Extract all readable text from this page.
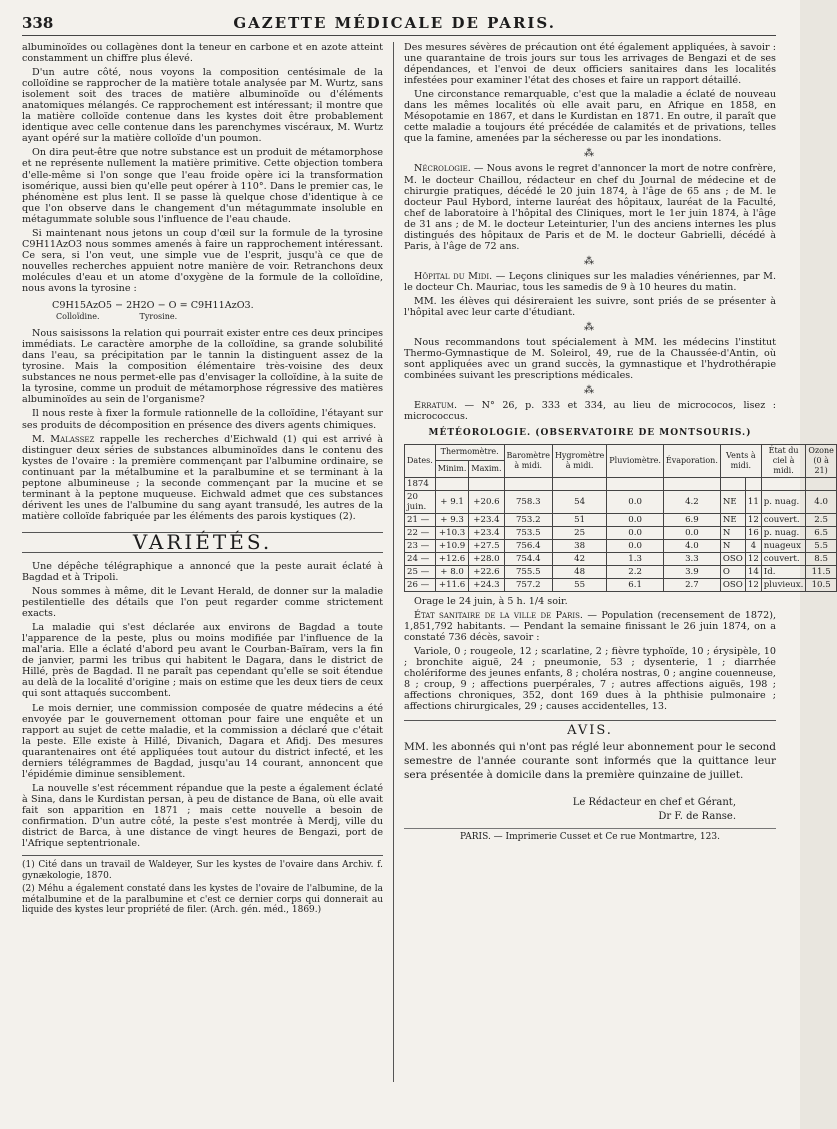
338	GAZETTE MÉDICALE DE PARIS.

albuminoïdes ou collagènes dont la teneur en carbone et en azote atteint constamment un chiffre plus élevé.

D'un autre côté, nous voyons la composition centésimale de la colloïdine se rapprocher de la matière totale analysée par M. Wurtz, sans isolement soit des traces de matière albuminoïde ou d'éléments anatomiques mélangés. Ce rapprochement est intéressant; il montre que la matière colloïde contenue dans les kystes doit être probablement identique avec celle contenue dans les parenchymes viscéraux, M. Wurtz ayant opéré sur la matière colloïde d'un poumon.

On dira peut-être que notre substance est un produit de métamorphose et ne représente nullement la matière primitive. Cette objection tombera d'elle-même si l'on songe que l'eau froide opère ici la transformation isomérique, aussi bien qu'elle peut opérer à 110°. Dans le premier cas, le phénomène est plus lent. Il se passe là quelque chose d'identique à ce que l'on observe dans le changement d'un métagummate insoluble en métagummate soluble sous l'influence de l'eau chaude.

Si maintenant nous jetons un coup d'œil sur la formule de la tyrosine C9H11AzO3 nous sommes amenés à faire un rapprochement intéressant. Ce sera, si l'on veut, une simple vue de l'esprit, jusqu'à ce que de nouvelles recherches appuient notre manière de voir. Retranchons deux molécules d'eau et un atome d'oxygène de la formule de la colloïdine, nous avons la tyrosine :

C9H15AzO5 − 2H2O − O = C9H11AzO3.
Colloïdine.	Tyrosine.

Nous saisissons la relation qui pourrait exister entre ces deux principes immédiats. Le caractère amorphe de la colloïdine, sa grande solubilité dans l'eau, sa précipitation par le tannin la distinguent assez de la tyrosine. Mais la composition élémentaire très-voisine des deux substances ne nous permet-elle pas d'envisager la colloïdine, à la suite de la tyrosine, comme un produit de métamorphose régressive des matières albuminoïdes au sein de l'organisme?

Il nous reste à fixer la formule rationnelle de la colloïdine, l'étayant sur ses produits de décomposition en présence des divers agents chimiques.

M. Malassez rappelle les recherches d'Eichwald (1) qui est arrivé à distinguer deux séries de substances albuminoïdes dans le contenu des kystes de l'ovaire : la première commençant par l'albumine ordinaire, se continuant par la métalbumine et la paralbumine et se terminant à la peptone albumineuse ; la seconde commençant par la mucine et se terminant à la peptone muqueuse. Eichwald admet que ces substances dérivent les unes de l'albumine du sang ayant transudé, les autres de la matière colloïde fabriquée par les éléments des parois kystiques (2).

VARIÉTÉS.

Une dépêche télégraphique a annoncé que la peste aurait éclaté à Bagdad et à Tripoli.

Nous sommes à même, dit le Levant Herald, de donner sur la maladie pestilentielle des détails que l'on peut regarder comme strictement exacts.

La maladie qui s'est déclarée aux environs de Bagdad a toute l'apparence de la peste, plus ou moins modifiée par l'influence de la mal'aria. Elle a éclaté d'abord peu avant le Courban-Baïram, vers la fin de janvier, parmi les tribus qui habitent le Dagara, dans le district de Hillé, près de Bagdad. Il ne paraît pas cependant qu'elle se soit étendue au delà de la localité d'origine ; mais on estime que les deux tiers de ceux qui sont attaqués succombent.

Le mois dernier, une commission composée de quatre médecins a été envoyée par le gouvernement ottoman pour faire une enquête et un rapport au sujet de cette maladie, et la commission a déclaré que c'était la peste. Elle existe à Hillé, Divanich, Dagara et Afidj. Des mesures quarantenaires ont été appliquées tout autour du district infecté, et les derniers télégrammes de Bagdad, jusqu'au 14 courant, annoncent que l'épidémie diminue sensiblement.

La nouvelle s'est récemment répandue que la peste a également éclaté à Sina, dans le Kurdistan persan, à peu de distance de Bana, où elle avait fait son apparition en 1871 ; mais cette nouvelle a besoin de confirmation. D'un autre côté, la peste s'est montrée à Merdj, ville du district de Barca, à une distance de vingt heures de Bengazi, port de l'Afrique septentrionale.

(1) Cité dans un travail de Waldeyer, Sur les kystes de l'ovaire dans Archiv. f. gynækologie, 1870.

(2) Méhu a également constaté dans les kystes de l'ovaire de l'albumine, de la métalbumine et de la paralbumine et c'est ce dernier corps qui donnerait au liquide des kystes leur propriété de filer. (Arch. gén. méd., 1869.)

Des mesures sévères de précaution ont été également appliquées, à savoir : une quarantaine de trois jours sur tous les arrivages de Bengazi et de ses dépendances, et l'envoi de deux officiers sanitaires dans les localités infestées pour examiner l'état des choses et faire un rapport détaillé.

Une circonstance remarquable, c'est que la maladie a éclaté de nouveau dans les mêmes localités où elle avait paru, en Afrique en 1858, en Mésopotamie en 1867, et dans le Kurdistan en 1871. En outre, il paraît que cette maladie a toujours été précédée de calamités et de privations, telles que la famine, amenées par la sécheresse ou par les inondations.

⁂

Nécrologie. — Nous avons le regret d'annoncer la mort de notre confrère, M. le docteur Chaillou, rédacteur en chef du Journal de médecine et de chirurgie pratiques, décédé le 20 juin 1874, à l'âge de 65 ans ; de M. le docteur Paul Hybord, interne lauréat des hôpitaux, lauréat de la Faculté, chef de laboratoire à l'hôpital des Cliniques, mort le 1er juin 1874, à l'âge de 31 ans ; de M. le docteur Leteinturier, l'un des anciens internes les plus distingués des hôpitaux de Paris et de M. le docteur Gabrielli, décédé à Paris, à l'âge de 72 ans.

⁂

Hôpital du Midi. — Leçons cliniques sur les maladies vénériennes, par M. le docteur Ch. Mauriac, tous les samedis de 9 à 10 heures du matin.

MM. les élèves qui désireraient les suivre, sont priés de se présenter à l'hôpital avec leur carte d'étudiant.

⁂

Nous recommandons tout spécialement à MM. les médecins l'institut Thermo-Gymnastique de M. Soleirol, 49, rue de la Chaussée-d'Antin, où sont appliquées avec un grand succès, la gymnastique et l'hydrothérapie combinées suivant les prescriptions médicales.

⁂

Erratum. — N° 26, p. 333 et 334, au lieu de micrococos, lisez : micrococcus.

MÉTÉOROLOGIE. (OBSERVATOIRE DE MONTSOURIS.)
Dates.	Thermomètre.		Baromètre à midi.	Hygromètre à midi.	Pluviomètre.	Évaporation.	Vents à midi.		État du ciel à midi.	Ozone (0 à 21)
	Minim.	Maxim.								
1874										
20 juin.	+ 9.1	+20.6	758.3	54	0.0	4.2	NE	11	p. nuag.	4.0
21 —	+ 9.3	+23.4	753.2	51	0.0	6.9	NE	12	couvert.	2.5
22 —	+10.3	+23.4	753.5	25	0.0	0.0	N	16	p. nuag.	6.5
23 —	+10.9	+27.5	756.4	38	0.0	4.0	N	4	nuageux	5.5
24 —	+12.6	+28.0	754.4	42	1.3	3.3	OSO	12	couvert.	8.5
25 —	+ 8.0	+22.6	755.5	48	2.2	3.9	O	14	Id.	11.5
26 —	+11.6	+24.3	757.2	55	6.1	2.7	OSO	12	pluvieux.	10.5

Orage le 24 juin, à 5 h. 1/4 soir.

État sanitaire de la ville de Paris. — Population (recensement de 1872), 1,851,792 habitants. — Pendant la semaine finissant le 26 juin 1874, on a constaté 736 décès, savoir :

Variole, 0 ; rougeole, 12 ; scarlatine, 2 ; fièvre typhoïde, 10 ; érysipèle, 10 ; bronchite aiguë, 24 ; pneumonie, 53 ; dysenterie, 1 ; diarrhée cholériforme des jeunes enfants, 8 ; choléra nostras, 0 ; angine couenneuse, 8 ; croup, 9 ; affections puerpérales, 7 ; autres affections aiguës, 198 ; affections chroniques, 352, dont 169 dues à la phthisie pulmonaire ; affections chirurgicales, 29 ; causes accidentelles, 13.

AVIS.
MM. les abonnés qui n'ont pas réglé leur abonnement pour le second semestre de l'année courante sont informés que la quittance leur sera présentée à domicile dans la première quinzaine de juillet.
Le Rédacteur en chef et Gérant,
Dr F. de Ranse.
PARIS. — Imprimerie Cusset et Ce rue Montmartre, 123.
